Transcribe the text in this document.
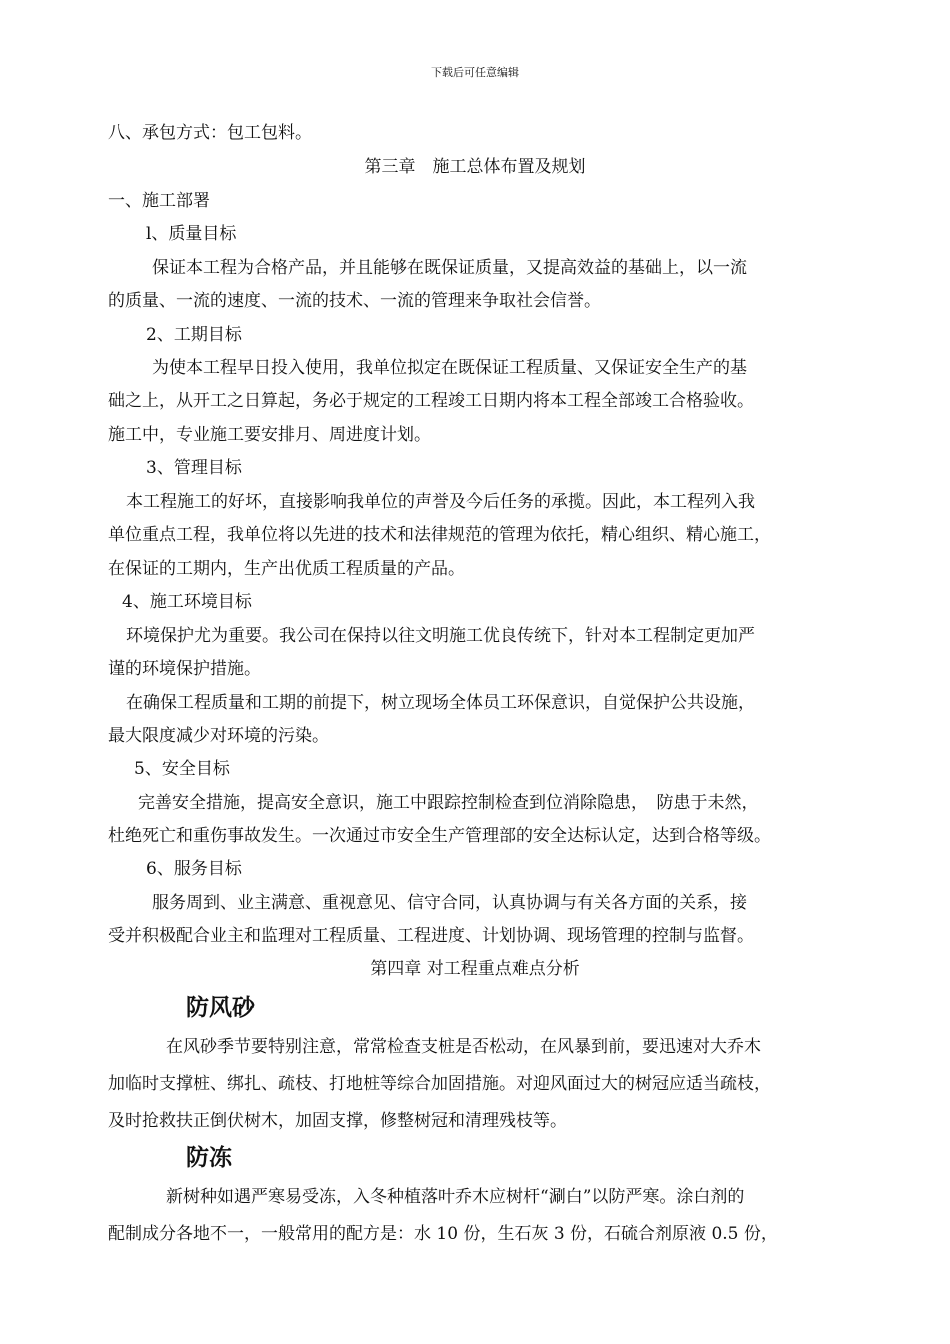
下载后可任意编辑
八、承包方式：包工包料。
第三章　施工总体布置及规划
一、施工部署
l、质量目标
保证本工程为合格产品，并且能够在既保证质量，又提高效益的基础上，以一流
的质量、一流的速度、一流的技术、一流的管理来争取社会信誉。
2、工期目标
为使本工程早日投入使用，我单位拟定在既保证工程质量、又保证安全生产的基
础之上，从开工之日算起，务必于规定的工程竣工日期内将本工程全部竣工合格验收。
施工中，专业施工要安排月、周进度计划。
3、管理目标
本工程施工的好坏，直接影响我单位的声誉及今后任务的承揽。因此，本工程列入我
单位重点工程，我单位将以先进的技术和法律规范的管理为依托，精心组织、精心施工，
在保证的工期内，生产出优质工程质量的产品。
4、施工环境目标
环境保护尤为重要。我公司在保持以往文明施工优良传统下，针对本工程制定更加严
谨的环境保护措施。
在确保工程质量和工期的前提下，树立现场全体员工环保意识，自觉保护公共设施，
最大限度减少对环境的污染。
5、安全目标
完善安全措施，提高安全意识，施工中跟踪控制检查到位消除隐患，　防患于未然，
杜绝死亡和重伤事故发生。一次通过市安全生产管理部的安全达标认定，达到合格等级。
6、服务目标
服务周到、业主满意、重视意见、信守合同，认真协调与有关各方面的关系，接
受并积极配合业主和监理对工程质量、工程进度、计划协调、现场管理的控制与监督。
第四章 对工程重点难点分析
防风砂
在风砂季节要特别注意，常常检查支桩是否松动，在风暴到前，要迅速对大乔木
加临时支撑桩、绑扎、疏枝、打地桩等综合加固措施。对迎风面过大的树冠应适当疏枝，
及时抢救扶正倒伏树木，加固支撑，修整树冠和清理残枝等。
防冻
新树种如遇严寒易受冻，入冬种植落叶乔木应树杆“涮白”以防严寒。涂白剂的
配制成分各地不一，一般常用的配方是：水 10 份，生石灰 3 份，石硫合剂原液 0.5 份，
